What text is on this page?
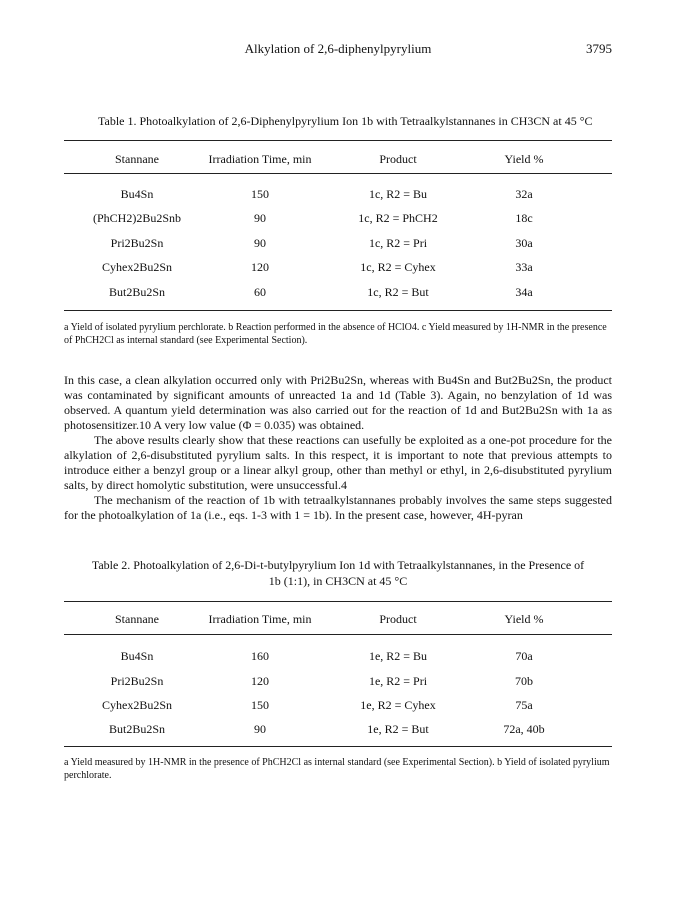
Alkylation of 2,6-diphenylpyrylium	3795
Table 1. Photoalkylation of 2,6-Diphenylpyrylium Ion 1b with Tetraalkylstannanes in CH3CN at 45 °C
Stannane	Irradiation Time, min	Product	Yield %
Bu4Sn	150	1c, R2 = Bu	32a
(PhCH2)2Bu2Snb	90	1c, R2 = PhCH2	18c
Pri2Bu2Sn	90	1c, R2 = Pri	30a
Cyhex2Bu2Sn	120	1c, R2 = Cyhex	33a
But2Bu2Sn	60	1c, R2 = But	34a
a Yield of isolated pyrylium perchlorate. b Reaction performed in the absence of HClO4. c Yield measured by 1H-NMR in the presence of PhCH2Cl as internal standard (see Experimental Section).

In this case, a clean alkylation occurred only with Pri2Bu2Sn, whereas with Bu4Sn and But2Bu2Sn, the product was contaminated by significant amounts of unreacted 1a and 1d (Table 3). Again, no benzylation of 1d was observed. A quantum yield determination was also carried out for the reaction of 1d and But2Bu2Sn with 1a as photosensitizer.10 A very low value (Φ = 0.035) was obtained.

The above results clearly show that these reactions can usefully be exploited as a one-pot procedure for the alkylation of 2,6-disubstituted pyrylium salts. In this respect, it is important to note that previous attempts to introduce either a benzyl group or a linear alkyl group, other than methyl or ethyl, in 2,6-disubstituted pyrylium salts, by direct homolytic substitution, were unsuccessful.4

The mechanism of the reaction of 1b with tetraalkylstannanes probably involves the same steps suggested for the photoalkylation of 1a (i.e., eqs. 1-3 with 1 = 1b). In the present case, however, 4H-pyran

Table 2. Photoalkylation of 2,6-Di-t-butylpyrylium Ion 1d with Tetraalkylstannanes, in the Presence of
1b (1:1), in CH3CN at 45 °C
Stannane	Irradiation Time, min	Product	Yield %
Bu4Sn	160	1e, R2 = Bu	70a
Pri2Bu2Sn	120	1e, R2 = Pri	70b
Cyhex2Bu2Sn	150	1e, R2 = Cyhex	75a
But2Bu2Sn	90	1e, R2 = But	72a, 40b
a Yield measured by 1H-NMR in the presence of PhCH2Cl as internal standard (see Experimental Section). b Yield of isolated pyrylium perchlorate.
